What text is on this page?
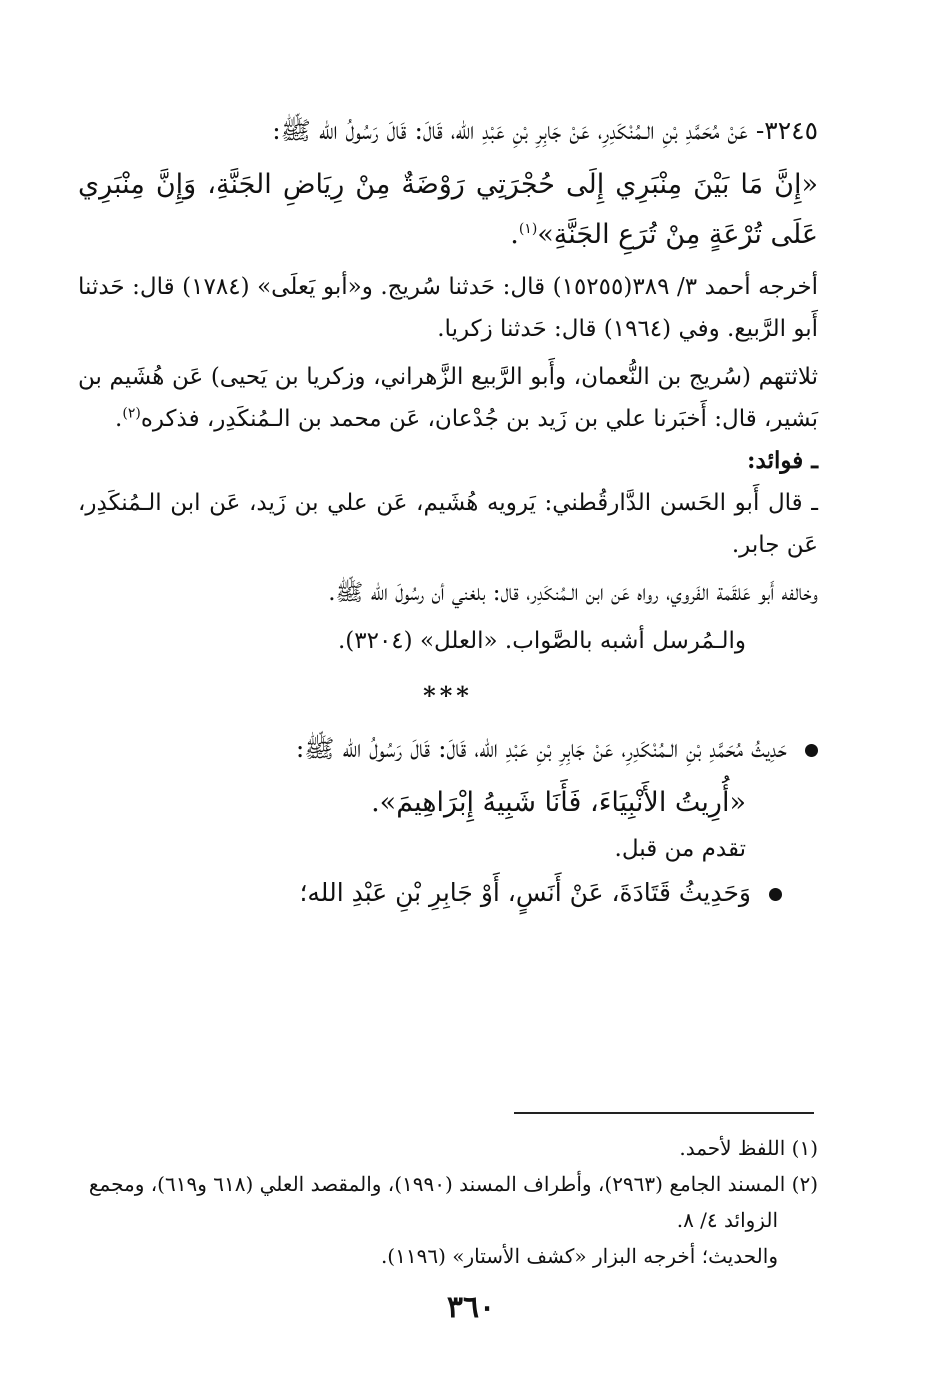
٣٢٤٥- عَنْ مُحَمَّدِ بْنِ الـمُنْكَدِرِ، عَنْ جَابِرِ بْنِ عَبْدِ الله، قَالَ: قَالَ رَسُولُ الله ﷺ:

«إِنَّ مَا بَيْنَ مِنْبَرِي إِلَى حُجْرَتِي رَوْضَةٌ مِنْ رِيَاضِ الجَنَّةِ، وَإِنَّ مِنْبَرِي عَلَى تُرْعَةٍ مِنْ تُرَعِ الجَنَّةِ»$^{(١)}$.

أخرجه أحمد ٣/ ٣٨٩(١٥٢٥٥) قال: حَدثنا سُريج. و«أبو يَعلَى» (١٧٨٤) قال: حَدثنا أَبو الرَّبيع. وفي (١٩٦٤) قال: حَدثنا زكريا.

ثلاثتهم (سُريج بن النُّعمان، وأَبو الرَّبيع الزَّهراني، وزكريا بن يَحيى) عَن هُشَيم بن بَشير، قال: أَخبَرنا علي بن زَيد بن جُدْعان، عَن محمد بن الـمُنكَدِر، فذكره$^{(٢)}$.

ـ فوائد:

ـ قال أَبو الحَسن الدَّارقُطني: يَرويه هُشَيم، عَن علي بن زَيد، عَن ابن الـمُنكَدِر، عَن جابر.

وخالفه أَبو عَلقَمة الفَروي، رواه عَن ابن الـمُنكَدِر، قال: بلغني أن رسُولَ الله ﷺ.

والـمُرسل أشبه بالصَّواب. «العلل» (٣٢٠٤).

***

حَدِيثُ مُحَمَّدِ بْنِ الـمُنْكَدِرِ، عَنْ جَابِرِ بْنِ عَبْدِ الله، قَالَ: قَالَ رَسُولُ الله ﷺ:

«أُرِيتُ الأَنْبِيَاءَ، فَأَنَا شَبِيهُ إِبْرَاهِيمَ».

تقدم من قبل.

وَحَدِيثُ قَتَادَةَ، عَنْ أَنَسٍ، أَوْ جَابِرِ بْنِ عَبْدِ الله؛

(١) اللفظ لأحمد.

(٢) المسند الجامع (٢٩٦٣)، وأطراف المسند (١٩٩٠)، والمقصد العلي (٦١٨ و٦١٩)، ومجمع

الزوائد ٤/ ٨.

والحديث؛ أخرجه البزار «كشف الأستار» (١١٩٦).

٣٦٠
